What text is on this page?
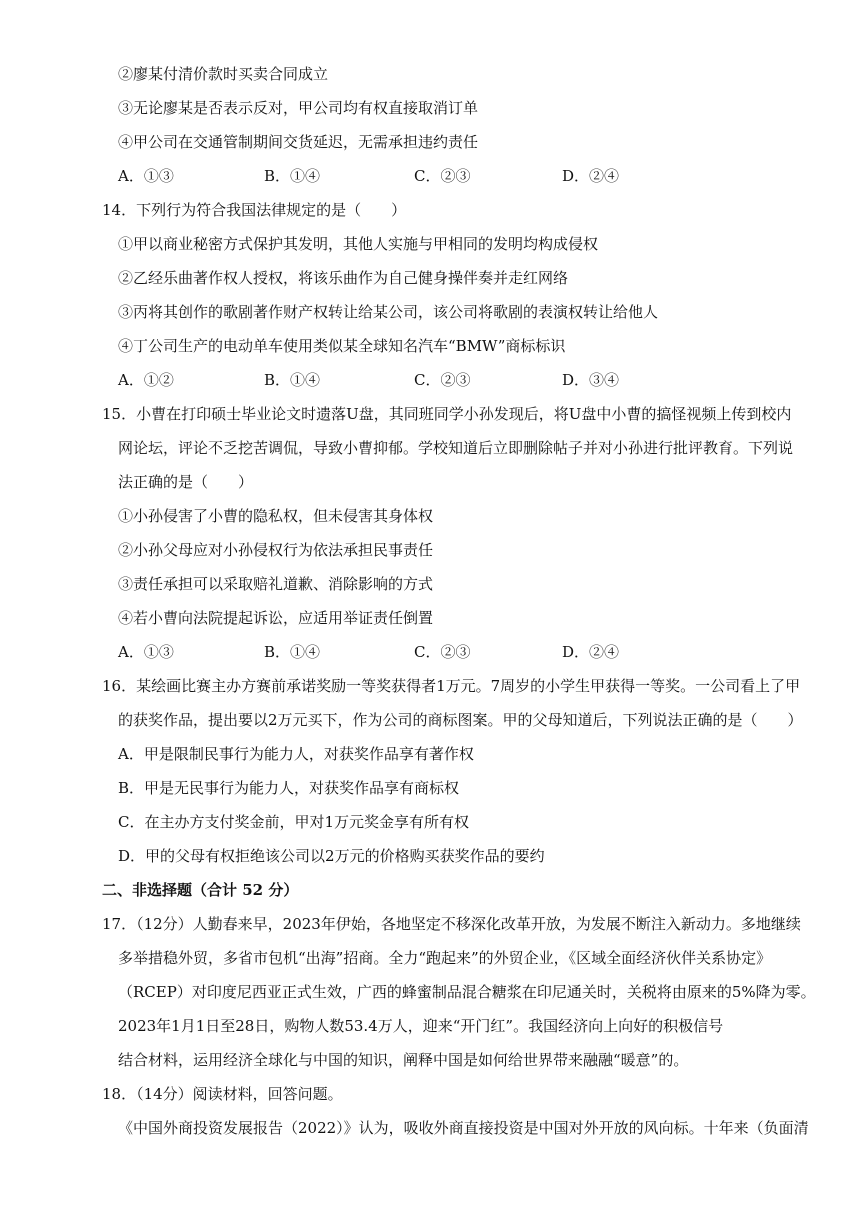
②廖某付清价款时买卖合同成立
③无论廖某是否表示反对，甲公司均有权直接取消订单
④甲公司在交通管制期间交货延迟，无需承担违约责任
A．①③	B．①④	C．②③	D．②④
14．下列行为符合我国法律规定的是（　　）
①甲以商业秘密方式保护其发明，其他人实施与甲相同的发明均构成侵权
②乙经乐曲著作权人授权，将该乐曲作为自己健身操伴奏并走红网络
③丙将其创作的歌剧著作财产权转让给某公司，该公司将歌剧的表演权转让给他人
④丁公司生产的电动单车使用类似某全球知名汽车“BMW”商标标识
A．①②	B．①④	C．②③	D．③④
15．小曹在打印硕士毕业论文时遗落U盘，其同班同学小孙发现后，将U盘中小曹的搞怪视频上传到校内
网论坛，评论不乏挖苦调侃，导致小曹抑郁。学校知道后立即删除帖子并对小孙进行批评教育。下列说
法正确的是（　　）
①小孙侵害了小曹的隐私权，但未侵害其身体权
②小孙父母应对小孙侵权行为依法承担民事责任
③责任承担可以采取赔礼道歉、消除影响的方式
④若小曹向法院提起诉讼，应适用举证责任倒置
A．①③	B．①④	C．②③	D．②④
16．某绘画比赛主办方赛前承诺奖励一等奖获得者1万元。7周岁的小学生甲获得一等奖。一公司看上了甲
的获奖作品，提出要以2万元买下，作为公司的商标图案。甲的父母知道后，下列说法正确的是（　　）
A．甲是限制民事行为能力人，对获奖作品享有著作权
B．甲是无民事行为能力人，对获奖作品享有商标权
C．在主办方支付奖金前，甲对1万元奖金享有所有权
D．甲的父母有权拒绝该公司以2万元的价格购买获奖作品的要约
二、非选择题（合计 52 分）
17．（12分）人勤春来早，2023年伊始，各地坚定不移深化改革开放，为发展不断注入新动力。多地继续
多举措稳外贸，多省市包机“出海”招商。全力“跑起来”的外贸企业，《区域全面经济伙伴关系协定》
（RCEP）对印度尼西亚正式生效，广西的蜂蜜制品混合糖浆在印尼通关时，关税将由原来的5%降为零。
2023年1月1日至28日，购物人数53.4万人，迎来“开门红”。我国经济向上向好的积极信号
结合材料，运用经济全球化与中国的知识，阐释中国是如何给世界带来融融“暖意”的。
18．（14分）阅读材料，回答问题。
《中国外商投资发展报告（2022）》认为，吸收外商直接投资是中国对外开放的风向标。十年来（负面清
